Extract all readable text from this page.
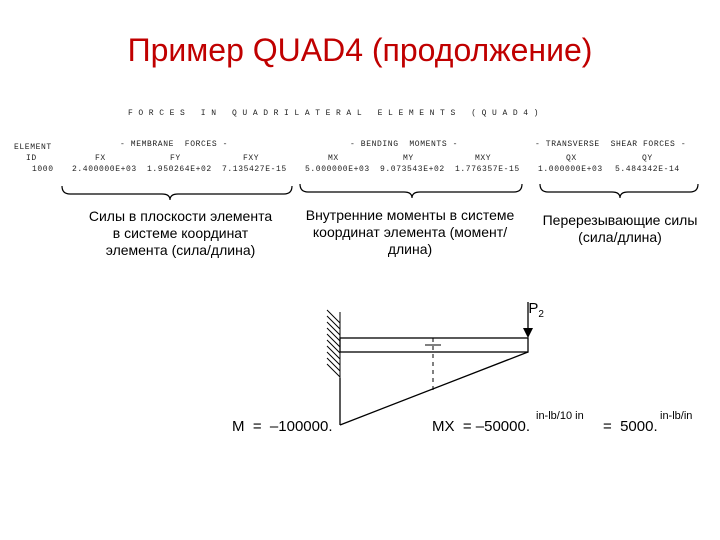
Пример QUAD4 (продолжение)
F O R C E S   I N   Q U A D R I L A T E R A L   E L E M E N T S   ( Q U A D 4 )
ELEMENT	- MEMBRANE  FORCES -	- BENDING  MOMENTS -	- TRANSVERSE  SHEAR FORCES -
ID	FX	FY	FXY	MX	MY	MXY	QX	QY
1000 2.400000E+03 1.950264E+02 7.135427E-15 5.000000E+03 9.073543E+02 1.776357E-15 1.000000E+03 5.484342E-14
Силы в плоскости элемента в системе координат элемента (сила/длина)
Внутренние моменты в системе координат элемента (момент/длина)
Перерезывающие силы (сила/длина)

$P_2$

M  =  –100000.	MX  = –50000.
in-lb/10 in
=  5000.
in-lb/in
